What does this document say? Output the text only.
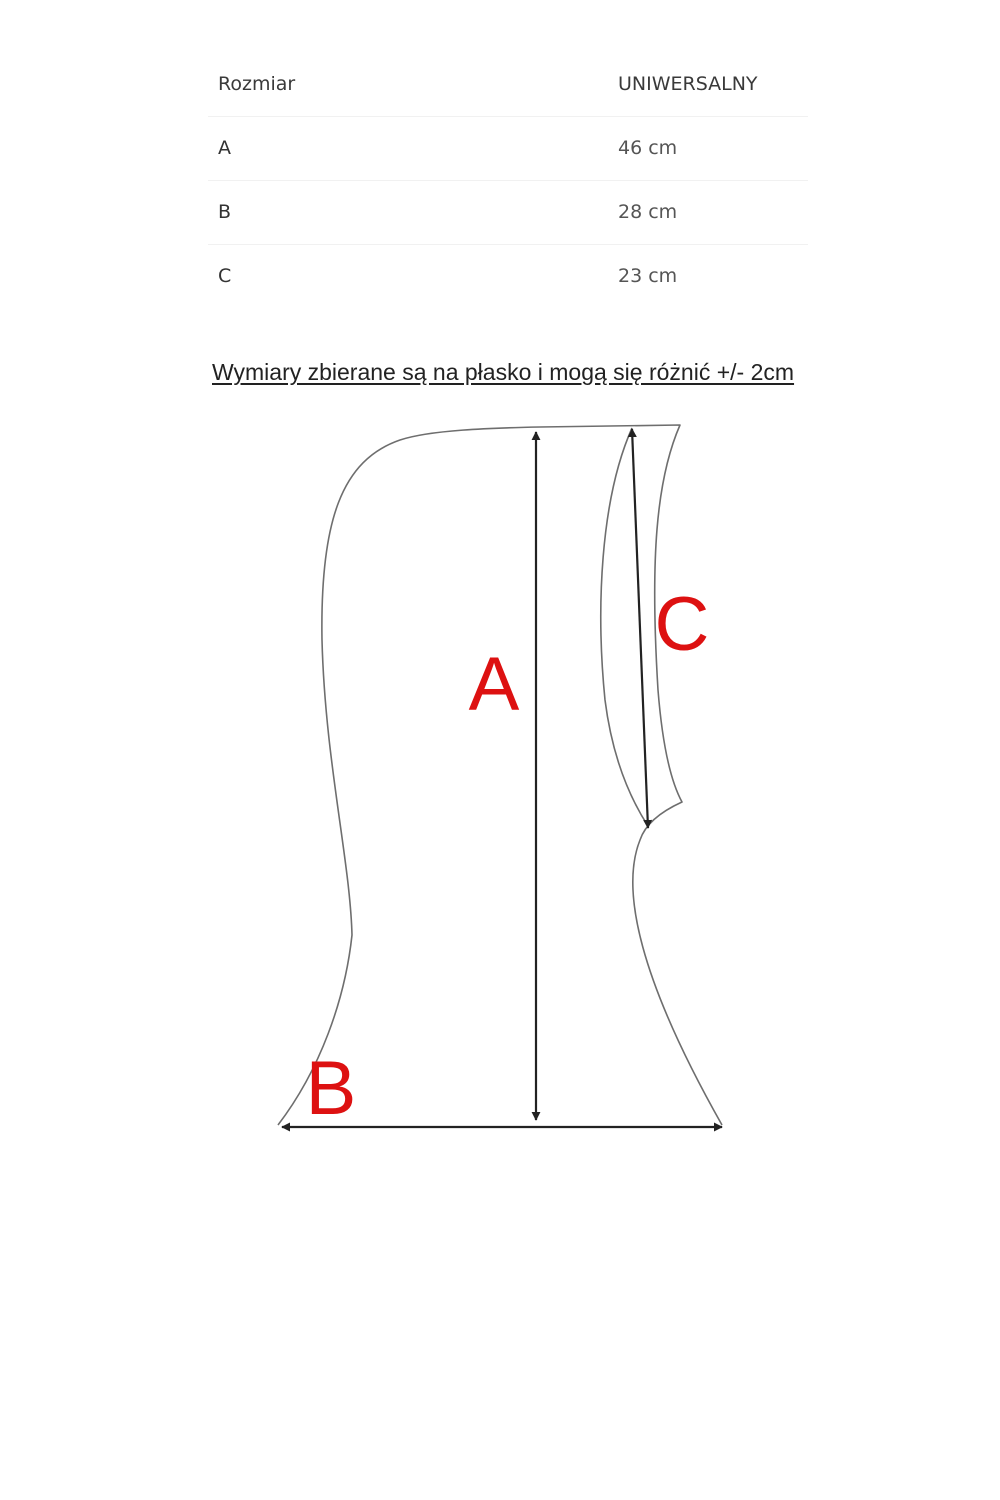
Rozmiar	UNIWERSALNY
A	46 cm
B	28 cm
C	23 cm
Wymiary zbierane są na płasko i mogą się różnić +/- 2cm
A
B
C
